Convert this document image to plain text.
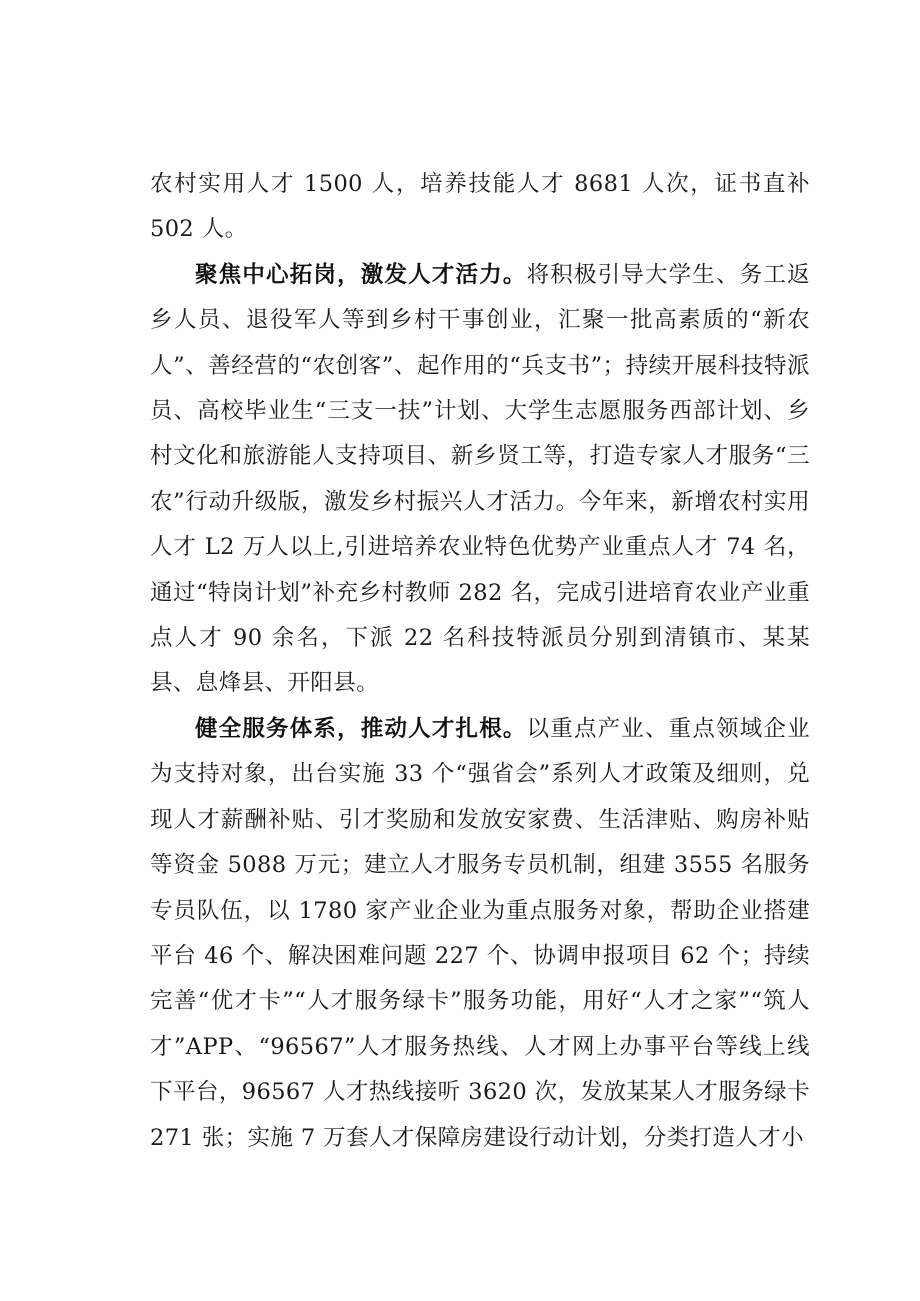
农村实用人才 1500 人，培养技能人才 8681 人次，证书直补 502 人。

聚焦中心拓岗，激发人才活力。将积极引导大学生、务工返乡人员、退役军人等到乡村干事创业，汇聚一批高素质的“新农人”、善经营的“农创客”、起作用的“兵支书”；持续开展科技特派员、高校毕业生“三支一扶”计划、大学生志愿服务西部计划、乡村文化和旅游能人支持项目、新乡贤工等，打造专家人才服务“三农”行动升级版，激发乡村振兴人才活力。今年来，新增农村实用人才 L2 万人以上,引进培养农业特色优势产业重点人才 74 名，通过“特岗计划”补充乡村教师 282 名，完成引进培育农业产业重点人才 90 余名，下派 22 名科技特派员分别到清镇市、某某县、息烽县、开阳县。

健全服务体系，推动人才扎根。以重点产业、重点领域企业为支持对象，出台实施 33 个“强省会”系列人才政策及细则，兑现人才薪酬补贴、引才奖励和发放安家费、生活津贴、购房补贴等资金 5088 万元；建立人才服务专员机制，组建 3555 名服务专员队伍，以 1780 家产业企业为重点服务对象，帮助企业搭建平台 46 个、解决困难问题 227 个、协调申报项目 62 个；持续完善“优才卡”“人才服务绿卡”服务功能，用好“人才之家”“筑人才”APP、“96567”人才服务热线、人才网上办事平台等线上线下平台，96567 人才热线接听 3620 次，发放某某人才服务绿卡 271 张；实施 7 万套人才保障房建设行动计划，分类打造人才小
